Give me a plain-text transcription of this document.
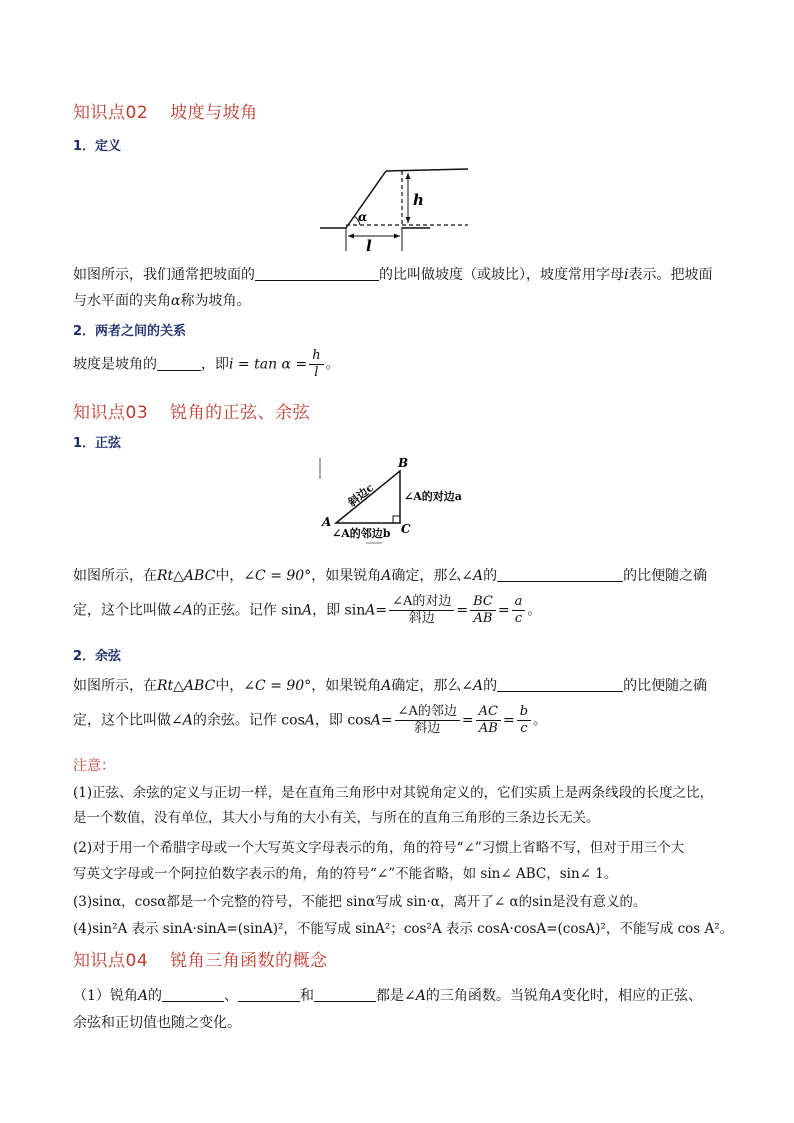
知识点02 坡度与坡角
1．定义
α
h
l
如图所示，我们通常把坡面的	的比叫做坡度（或坡比），坡度常用字母i表示。把坡面
与水平面的夹角α称为坡角。
2．两者之间的关系
坡度是坡角的	，即$i = \tan \alpha = \frac{h}{l}$ 。
知识点03 锐角的正弦、余弦
1．正弦
B
A	C
斜边c	∠A的对边a
∠A的邻边b
如图所示，在Rt△ABC中，∠C = 90°，如果锐角A确定，那么∠A的	的比便随之确
定，这个比叫做∠A的正弦。记作 sinA，即 $\sin A= \frac{\text{∠A的对边}}{\text{斜边}} = \frac{BC}{AB} = \frac{a}{c}$ 。
2．余弦
如图所示，在Rt△ABC中，∠C = 90°，如果锐角A确定，那么∠A的	的比便随之确
定，这个比叫做∠A的余弦。记作 cosA，即 $\cos A= \frac{\text{∠A的邻边}}{\text{斜边}} = \frac{AC}{AB} = \frac{b}{c}$ 。
注意：
(1)正弦、余弦的定义与正切一样，是在直角三角形中对其锐角定义的，它们实质上是两条线段的长度之比，
是一个数值，没有单位，其大小与角的大小有关，与所在的直角三角形的三条边长无关。
(2)对于用一个希腊字母或一个大写英文字母表示的角，角的符号“∠”习惯上省略不写，但对于用三个大
写英文字母或一个阿拉伯数字表示的角，角的符号“∠”不能省略，如 sin∠ ABC，sin∠ 1。
(3)sinα，cosα都是一个完整的符号，不能把 sinα写成 sin·α，离开了∠ α的sin是没有意义的。
(4)sin²A 表示 sinA·sinA=(sinA)²，不能写成 sinA²；cos²A 表示 cosA·cosA=(cosA)²，不能写成 cos A²。
知识点04 锐角三角函数的概念
（1）锐角A的	、	和	都是∠A的三角函数。当锐角A变化时，相应的正弦、
余弦和正切值也随之变化。
